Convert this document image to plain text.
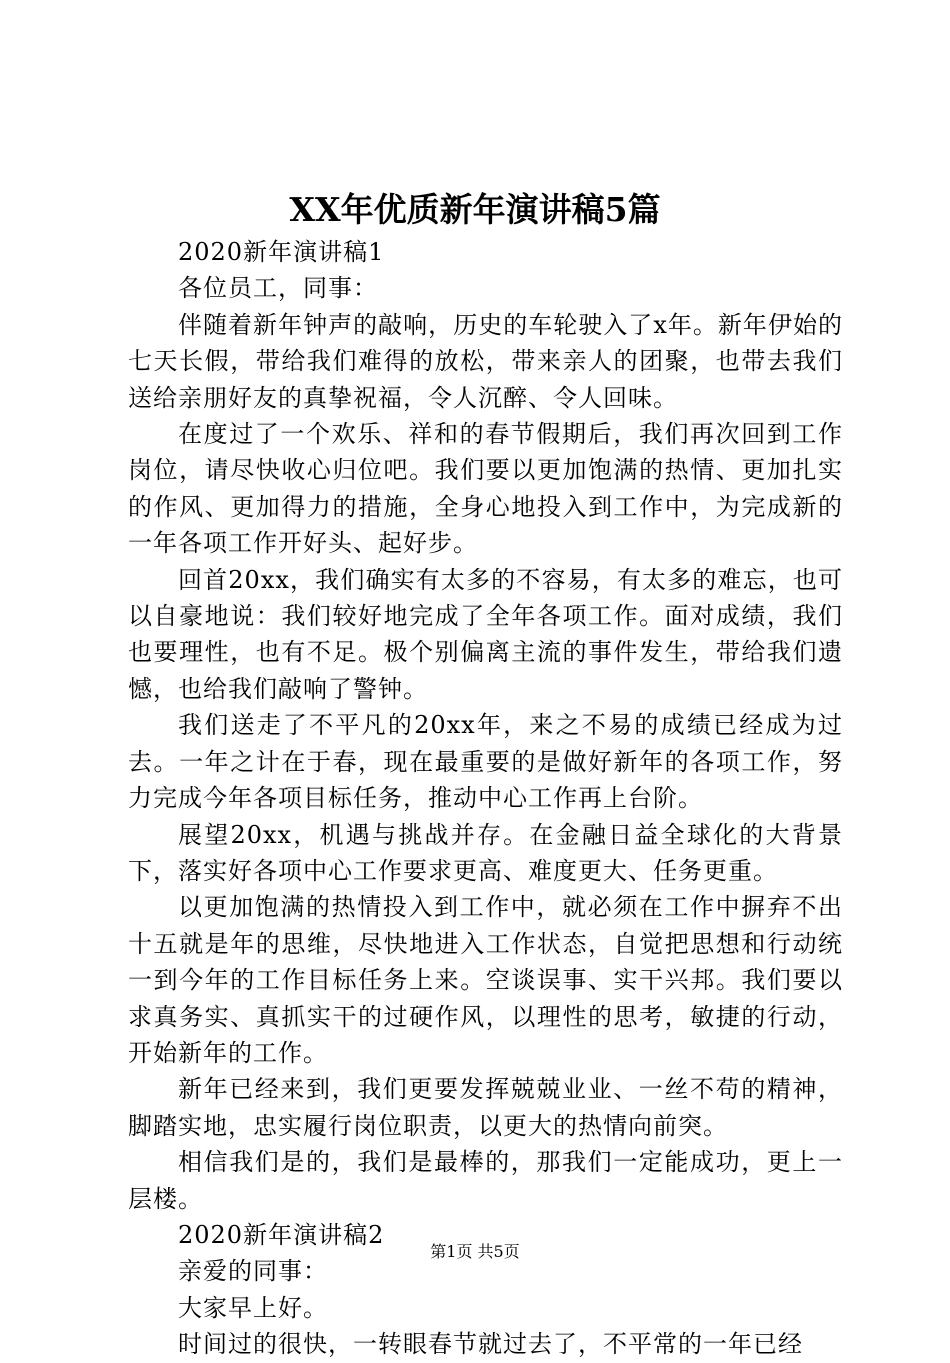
XX年优质新年演讲稿5篇

2020新年演讲稿1

各位员工，同事：

伴随着新年钟声的敲响，历史的车轮驶入了x年。新年伊始的七天长假，带给我们难得的放松，带来亲人的团聚，也带去我们送给亲朋好友的真挚祝福，令人沉醉、令人回味。

在度过了一个欢乐、祥和的春节假期后，我们再次回到工作岗位，请尽快收心归位吧。我们要以更加饱满的热情、更加扎实的作风、更加得力的措施，全身心地投入到工作中，为完成新的一年各项工作开好头、起好步。

回首20xx，我们确实有太多的不容易，有太多的难忘，也可以自豪地说：我们较好地完成了全年各项工作。面对成绩，我们也要理性，也有不足。极个别偏离主流的事件发生，带给我们遗憾，也给我们敲响了警钟。

我们送走了不平凡的20xx年，来之不易的成绩已经成为过去。一年之计在于春，现在最重要的是做好新年的各项工作，努力完成今年各项目标任务，推动中心工作再上台阶。

展望20xx，机遇与挑战并存。在金融日益全球化的大背景下，落实好各项中心工作要求更高、难度更大、任务更重。

以更加饱满的热情投入到工作中，就必须在工作中摒弃不出十五就是年的思维，尽快地进入工作状态，自觉把思想和行动统一到今年的工作目标任务上来。空谈误事、实干兴邦。我们要以求真务实、真抓实干的过硬作风，以理性的思考，敏捷的行动，开始新年的工作。

新年已经来到，我们更要发挥兢兢业业、一丝不苟的精神，脚踏实地，忠实履行岗位职责，以更大的热情向前突。

相信我们是的，我们是最棒的，那我们一定能成功，更上一层楼。

2020新年演讲稿2

亲爱的同事：

大家早上好。

时间过的很快，一转眼春节就过去了，不平常的一年已经

第1页 共5页
